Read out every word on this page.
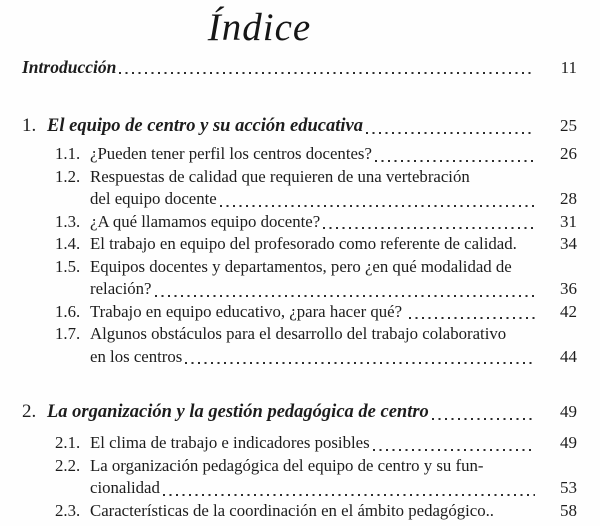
Índice
Introducción	11
1. El equipo de centro y su acción educativa	25
1.1. ¿Pueden tener perfil los centros docentes?	26
1.2. Respuestas de calidad que requieren de una vertebración
del equipo docente	28
1.3. ¿A qué llamamos equipo docente?	31
1.4. El trabajo en equipo del profesorado como referente de calidad.	34
1.5. Equipos docentes y departamentos, pero ¿en qué modalidad de
relación?	36
1.6. Trabajo en equipo educativo, ¿para hacer qué?	42
1.7. Algunos obstáculos para el desarrollo del trabajo colaborativo
en los centros	44
2. La organización y la gestión pedagógica de centro	49
2.1. El clima de trabajo e indicadores posibles	49
2.2. La organización pedagógica del equipo de centro y su fun-
cionalidad	53
2.3. Características de la coordinación en el ámbito pedagógico..	58
